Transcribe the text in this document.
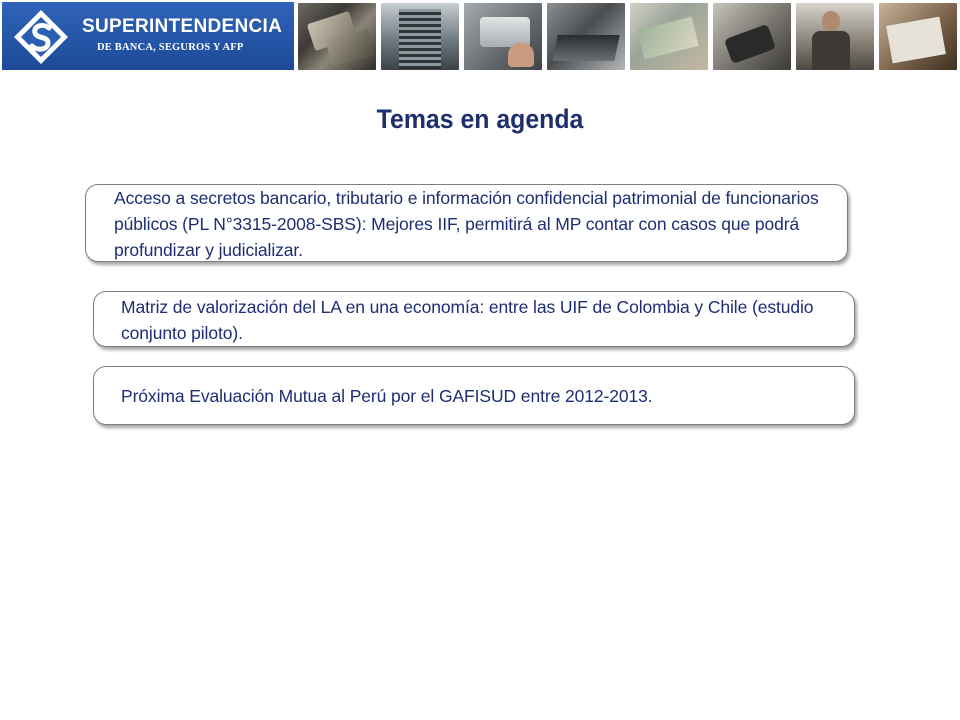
SUPERINTENDENCIA
DE BANCA, SEGUROS Y AFP
Temas en agenda
Acceso a secretos bancario, tributario e información confidencial patrimonial de funcionarios públicos (PL N°3315-2008-SBS): Mejores IIF, permitirá al MP contar con casos que podrá profundizar y judicializar.
Matriz de valorización del LA en una economía: entre las UIF de Colombia y Chile (estudio conjunto piloto).
Próxima Evaluación Mutua al Perú por el GAFISUD entre 2012-2013.
